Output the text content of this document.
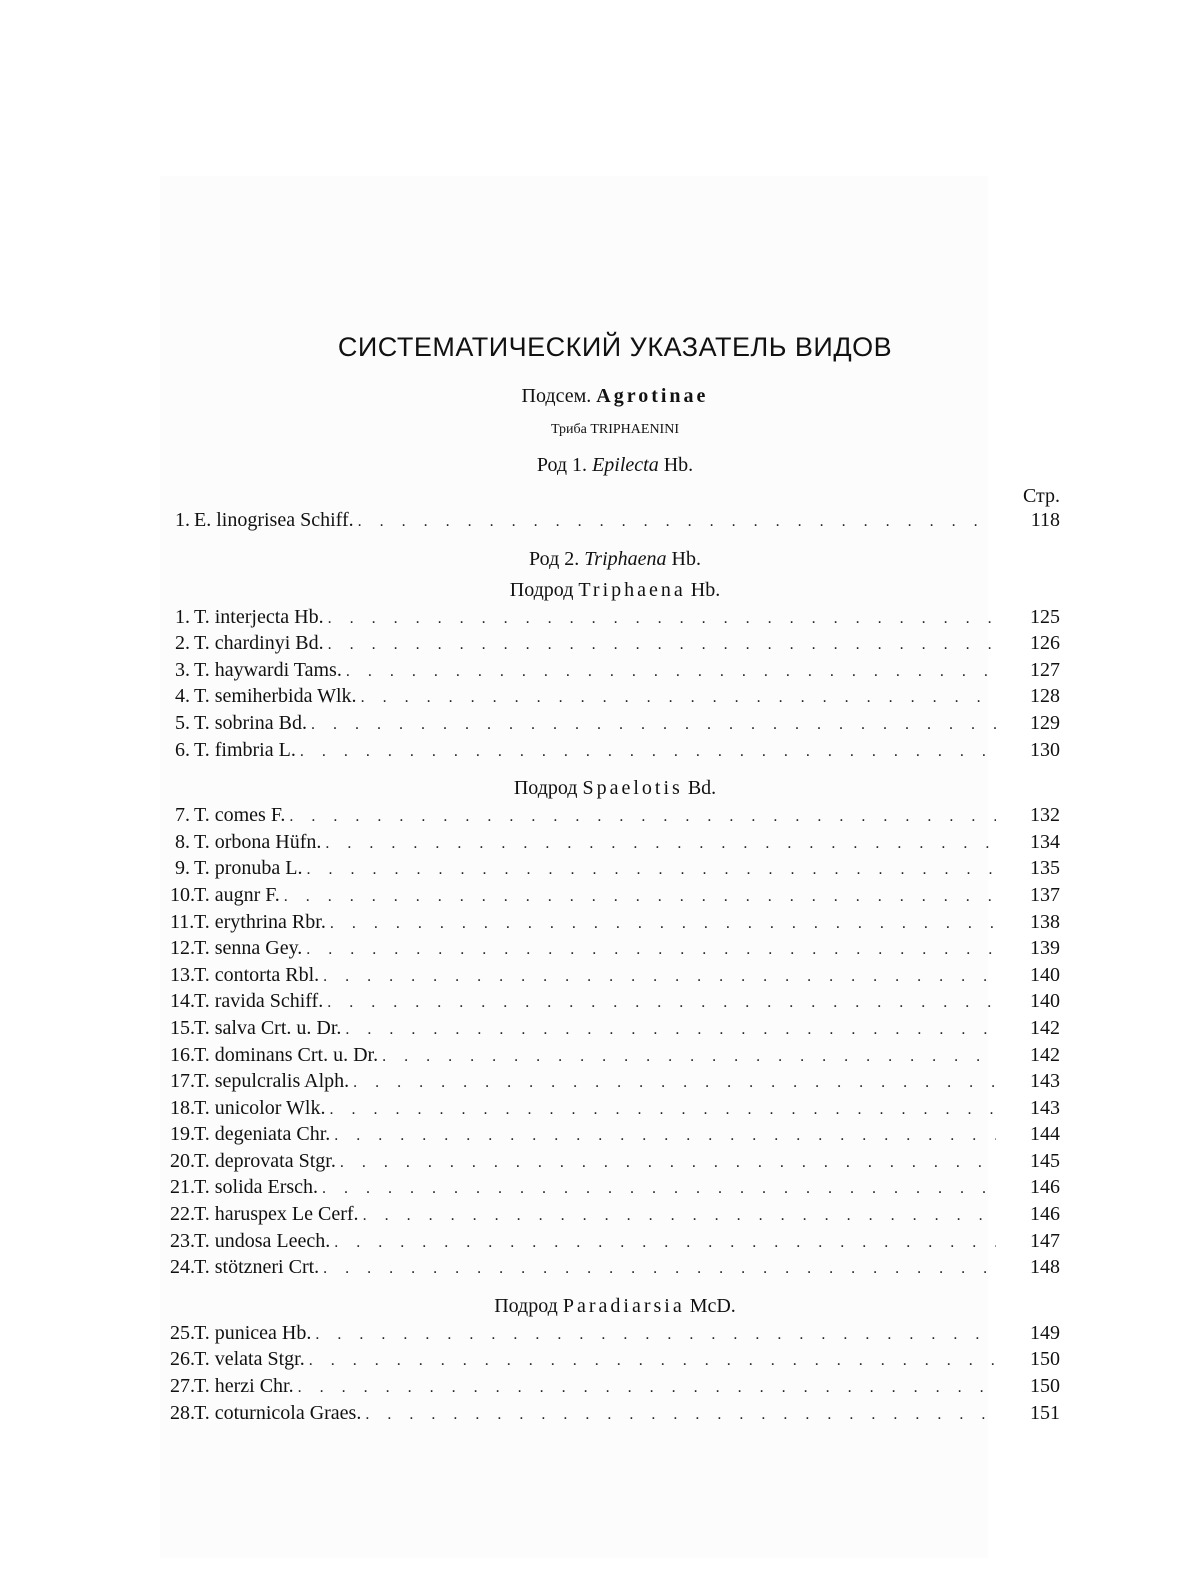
СИСТЕМАТИЧЕСКИЙ УКАЗАТЕЛЬ ВИДОВ
Подсем. Agrotinae
Триба TRIPHAENINI
Род 1. Epilecta Hb.
Стр.
1. E. linogrisea Schiff. . . .	118
Род 2. Triphaena Hb.
Подрод Triphaena Hb.
1. T. interjecta Hb. . . .	125
2. T. chardinyi Bd. . . .	126
3. T. haywardi Tams. . . .	127
4. T. semiherbida Wlk. . . .	128
5. T. sobrina Bd. . . .	129
6. T. fimbria L. . . .	130
Подрод Spaelotis Bd.
7. T. comes F. . . .	132
8. T. orbona Hüfn. . . .	134
9. T. pronuba L. . . .	135
10. T. augnr F. . . .	137
11. T. erythrina Rbr. . . .	138
12. T. senna Gey. . . .	139
13. T. contorta Rbl. . . .	140
14. T. ravida Schiff. . . .	140
15. T. salva Crt. u. Dr. . . .	142
16. T. dominans Crt. u. Dr. . . .	142
17. T. sepulcralis Alph. . . .	143
18. T. unicolor Wlk. . . .	143
19. T. degeniata Chr. . . .	144
20. T. deprovata Stgr. . . .	145
21. T. solida Ersch. . . .	146
22. T. haruspex Le Cerf. . . .	146
23. T. undosa Leech. . . .	147
24. T. stötzneri Crt. . . .	148
Подрод Paradiarsia McD.
25. T. punicea Hb. . . .	149
26. T. velata Stgr. . . .	150
27. T. herzi Chr. . . .	150
28. T. coturnicola Graes. . . .	151
